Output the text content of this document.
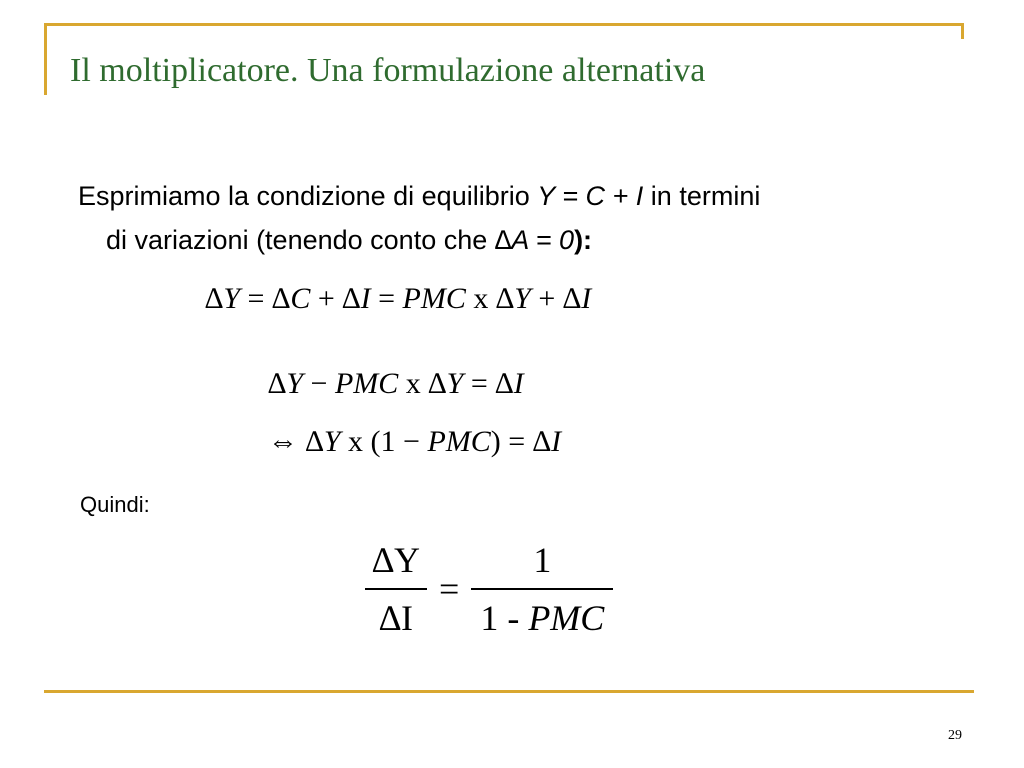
Il moltiplicatore. Una formulazione alternativa

Esprimiamo la condizione di equilibrio Y = C + I in termini
di variazioni (tenendo conto che ∆A = 0):

∆Y = ∆C + ∆I = PMC x ∆Y + ∆I
∆Y − PMC x ∆Y = ∆I
⇔ ∆Y x (1 − PMC) = ∆I

Quindi:

$\frac{\Delta Y}{\Delta I} = \frac{1}{\text{1 - PMC}}$
29
